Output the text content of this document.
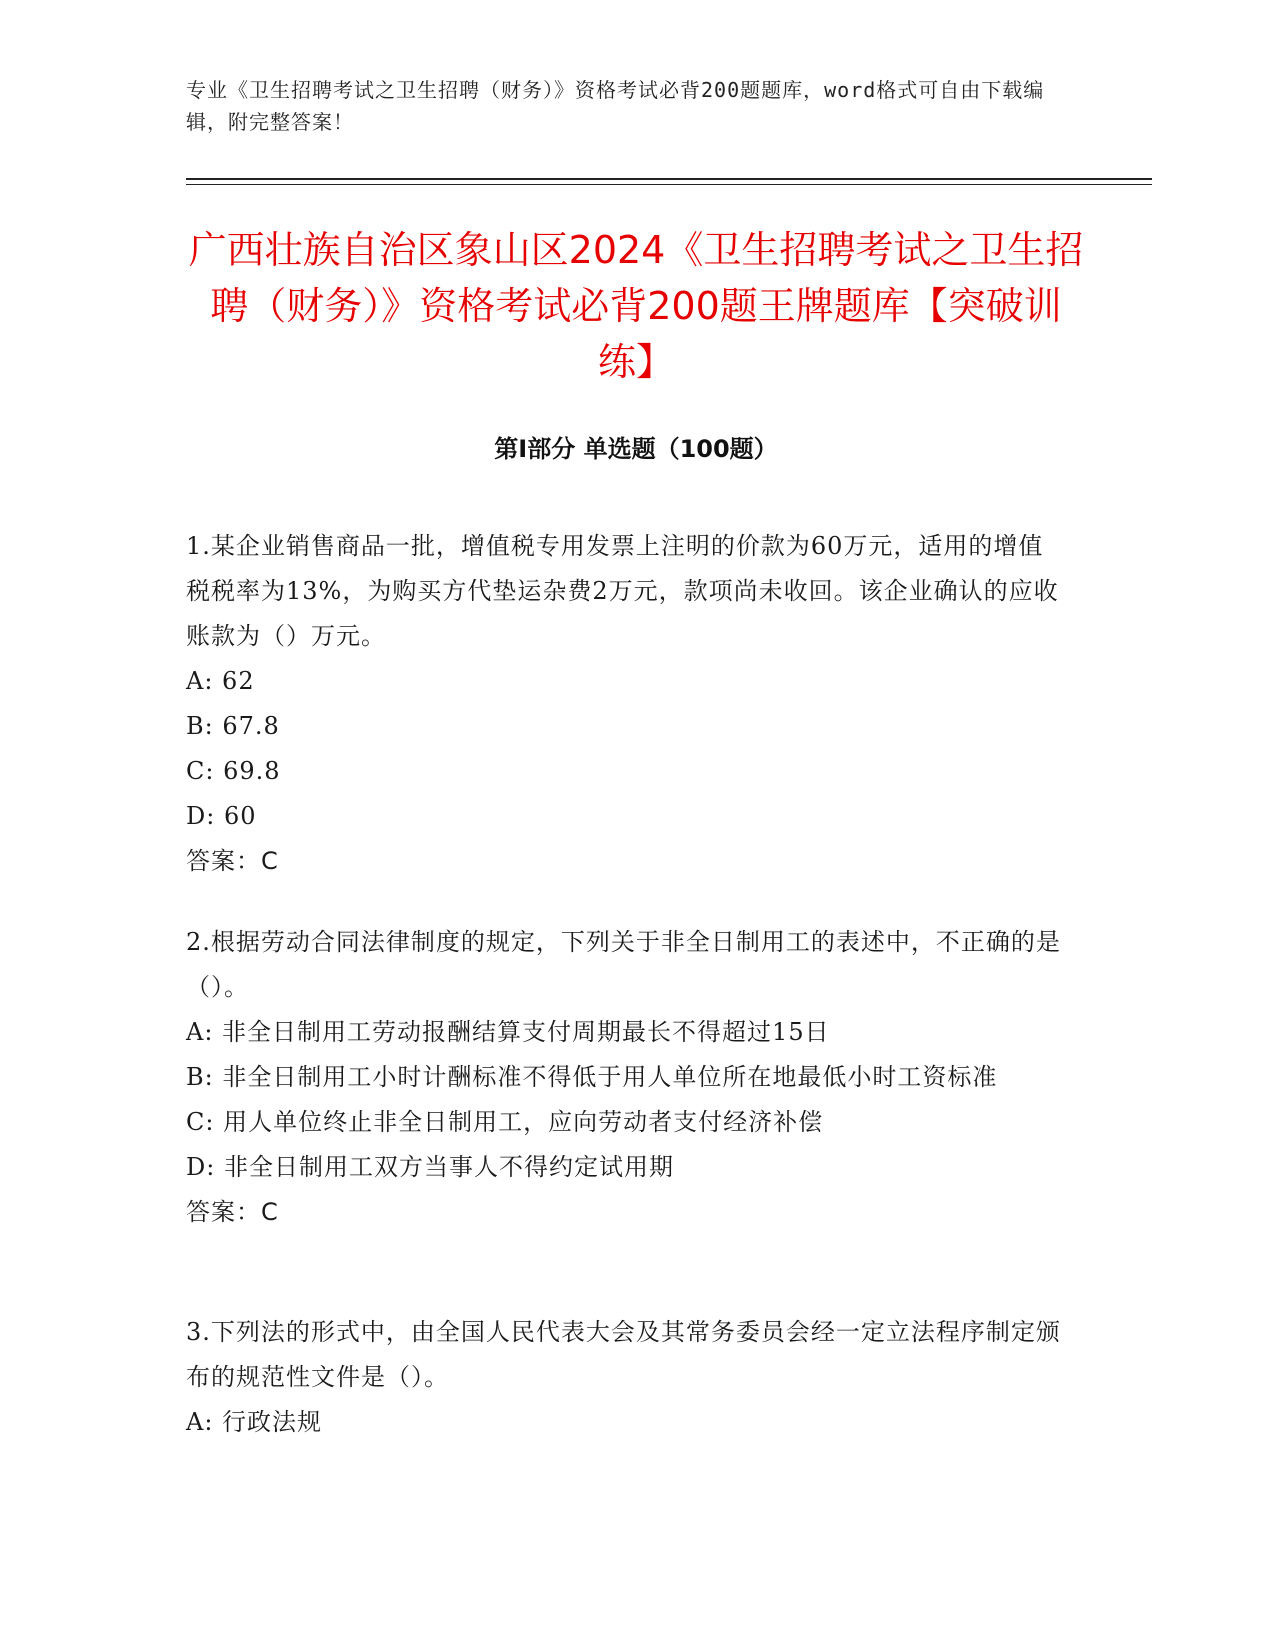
专业《卫生招聘考试之卫生招聘（财务）》资格考试必背200题题库，word格式可自由下载编辑，附完整答案！
广西壮族自治区象山区2024《卫生招聘考试之卫生招聘（财务）》资格考试必背200题王牌题库【突破训练】
第Ⅰ部分 单选题（100题）

1.某企业销售商品一批，增值税专用发票上注明的价款为60万元，适用的增值税税率为13%，为购买方代垫运杂费2万元，款项尚未收回。该企业确认的应收账款为（）万元。

A: 62

B: 67.8

C: 69.8

D: 60

答案：C

2.根据劳动合同法律制度的规定，下列关于非全日制用工的表述中，不正确的是（）。

A: 非全日制用工劳动报酬结算支付周期最长不得超过15日

B: 非全日制用工小时计酬标准不得低于用人单位所在地最低小时工资标准

C: 用人单位终止非全日制用工，应向劳动者支付经济补偿

D: 非全日制用工双方当事人不得约定试用期

答案：C

3.下列法的形式中，由全国人民代表大会及其常务委员会经一定立法程序制定颁布的规范性文件是（）。

A: 行政法规
